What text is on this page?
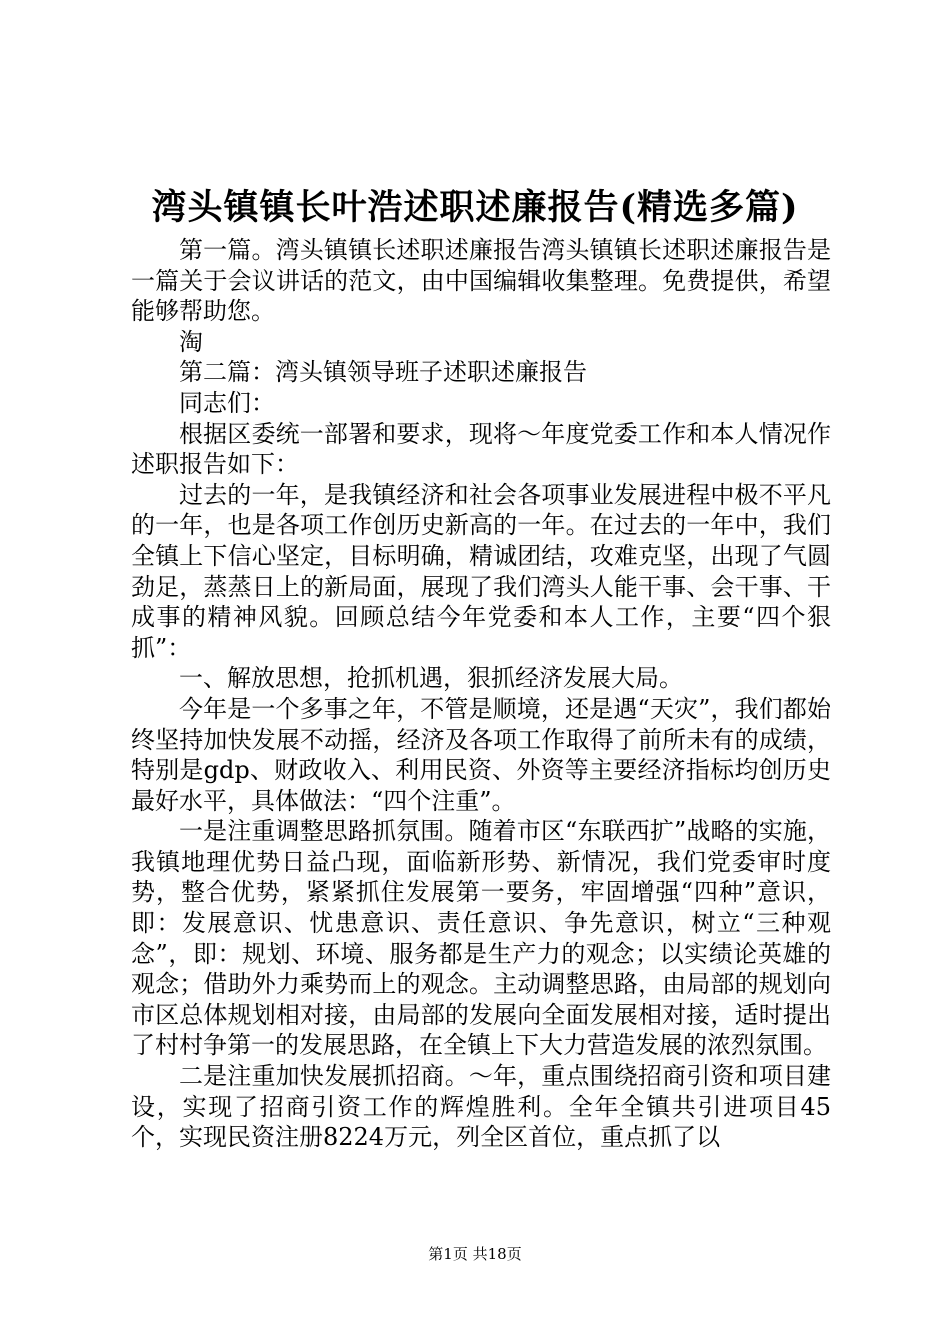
湾头镇镇长叶浩述职述廉报告(精选多篇)

第一篇。湾头镇镇长述职述廉报告湾头镇镇长述职述廉报告是一篇关于会议讲话的范文，由中国编辑收集整理。免费提供，希望能够帮助您。

淘

第二篇：湾头镇领导班子述职述廉报告

同志们：

根据区委统一部署和要求，现将～年度党委工作和本人情况作述职报告如下：

过去的一年，是我镇经济和社会各项事业发展进程中极不平凡的一年，也是各项工作创历史新高的一年。在过去的一年中，我们全镇上下信心坚定，目标明确，精诚团结，攻难克坚，出现了气圆劲足，蒸蒸日上的新局面，展现了我们湾头人能干事、会干事、干成事的精神风貌。回顾总结今年党委和本人工作，主要“四个狠抓”：

一、解放思想，抢抓机遇，狠抓经济发展大局。

今年是一个多事之年，不管是顺境，还是遇“天灾”，我们都始终坚持加快发展不动摇，经济及各项工作取得了前所未有的成绩，特别是gdp、财政收入、利用民资、外资等主要经济指标均创历史最好水平，具体做法：“四个注重”。

一是注重调整思路抓氛围。随着市区“东联西扩”战略的实施，我镇地理优势日益凸现，面临新形势、新情况，我们党委审时度势，整合优势，紧紧抓住发展第一要务，牢固增强“四种”意识，即：发展意识、忧患意识、责任意识、争先意识，树立“三种观念”，即：规划、环境、服务都是生产力的观念；以实绩论英雄的观念；借助外力乘势而上的观念。主动调整思路，由局部的规划向市区总体规划相对接，由局部的发展向全面发展相对接，适时提出了村村争第一的发展思路，在全镇上下大力营造发展的浓烈氛围。

二是注重加快发展抓招商。～年，重点围绕招商引资和项目建设，实现了招商引资工作的辉煌胜利。全年全镇共引进项目45个，实现民资注册8224万元，列全区首位，重点抓了以

第1页 共18页
